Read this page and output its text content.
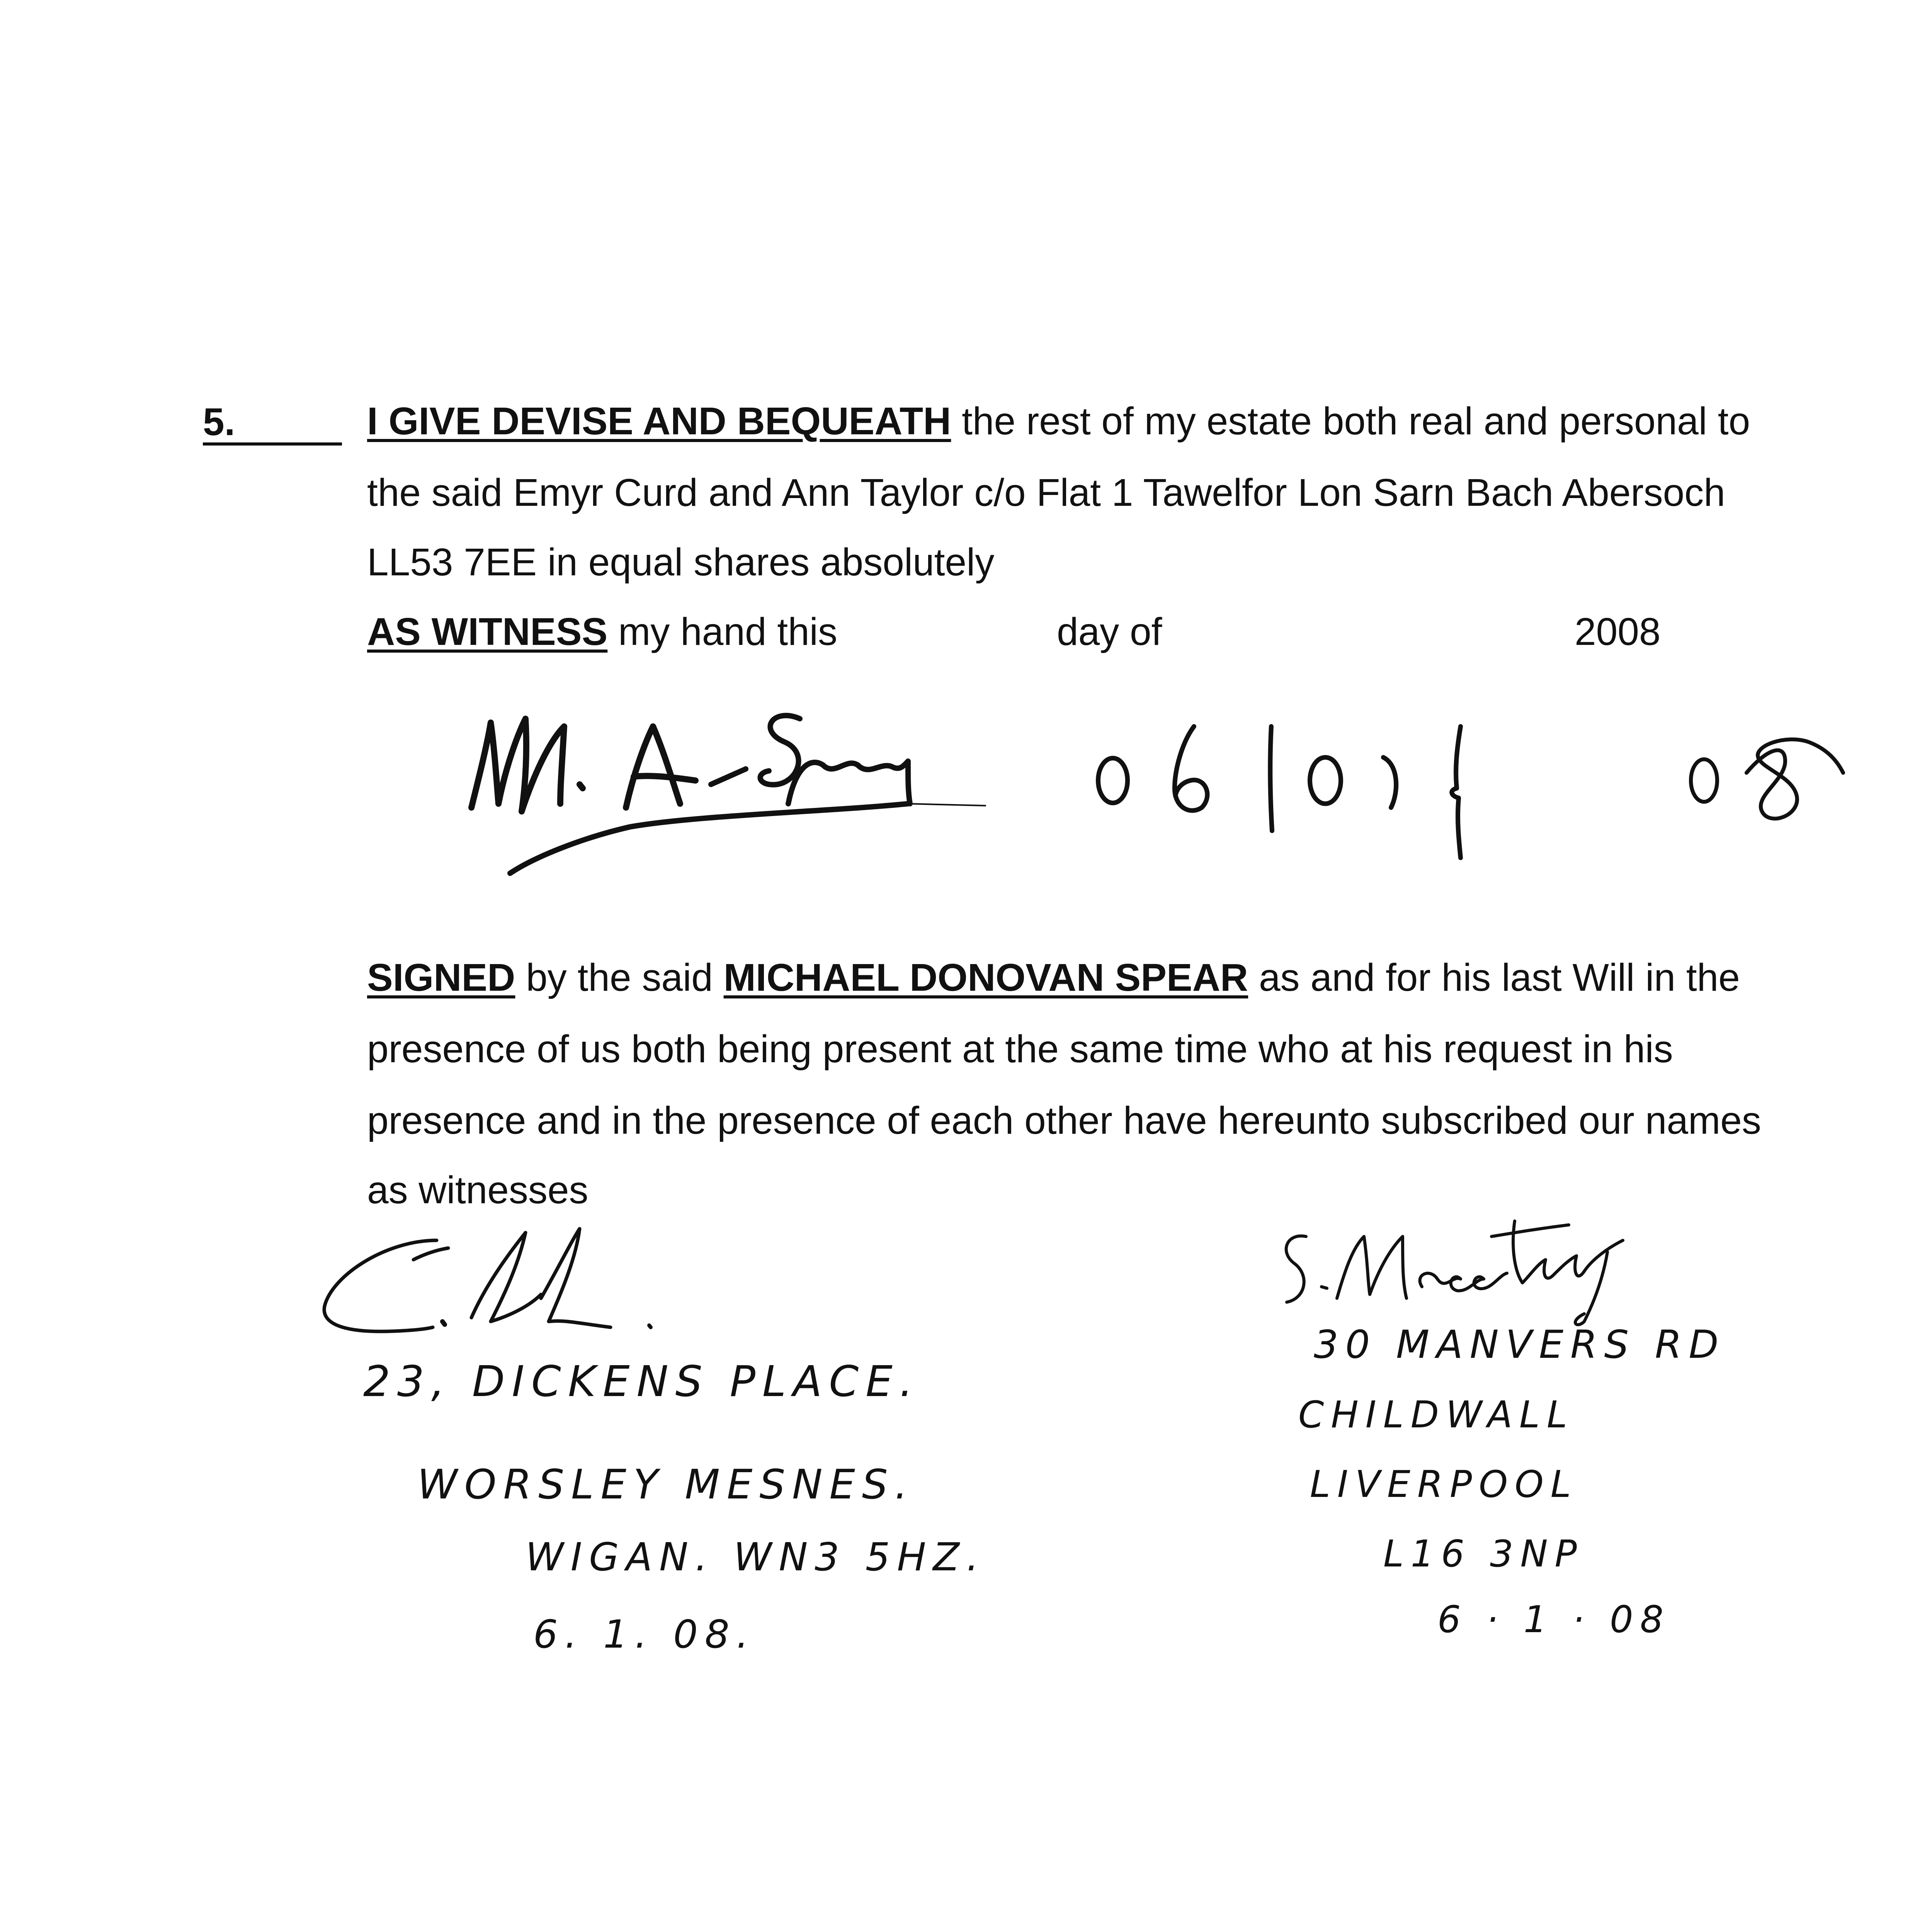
5.	I GIVE DEVISE AND BEQUEATH the rest of my estate both real and personal to
the said Emyr Curd and Ann Taylor c/o Flat 1 Tawelfor Lon Sarn Bach Abersoch
LL53 7EE in equal shares absolutely
AS WITNESS my hand this	day of	2008
SIGNED by the said MICHAEL DONOVAN SPEAR as and for his last Will in the
presence of us both being present at the same time who at his request in his
presence and in the presence of each other have hereunto subscribed our names
as witnesses
23, DICKENS PLACE.
WORSLEY MESNES.
WIGAN. WN3 5HZ.
6. 1. 08.
30 MANVERS RD
CHILDWALL
LIVERPOOL
L16 3NP
6 · 1 · 08
